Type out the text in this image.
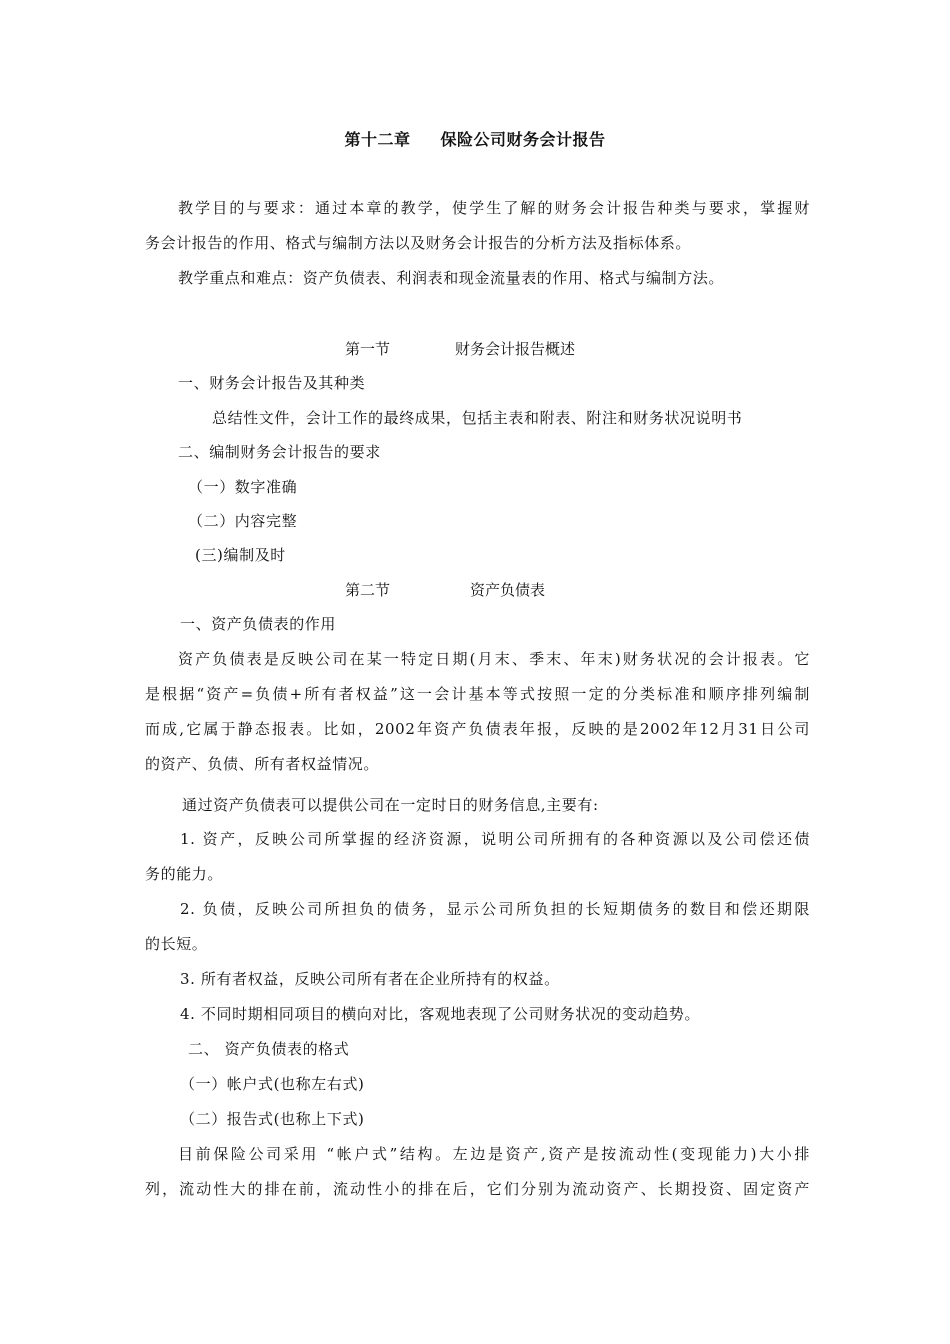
第十二章 保险公司财务会计报告
教学目的与要求：通过本章的教学，使学生了解的财务会计报告种类与要求，掌握财
务会计报告的作用、格式与编制方法以及财务会计报告的分析方法及指标体系。
教学重点和难点：资产负债表、利润表和现金流量表的作用、格式与编制方法。
第一节	财务会计报告概述
一、财务会计报告及其种类
总结性文件，会计工作的最终成果，包括主表和附表、附注和财务状况说明书
二、编制财务会计报告的要求
（一）数字准确
（二）内容完整
(三)编制及时
第二节	资产负债表
一、资产负债表的作用
资产负债表是反映公司在某一特定日期(月末、季末、年末)财务状况的会计报表。它
是根据“资产=负债+所有者权益”这一会计基本等式按照一定的分类标准和顺序排列编制
而成,它属于静态报表。比如，2002年资产负债表年报，反映的是2002年12月31日公司
的资产、负债、所有者权益情况。
通过资产负债表可以提供公司在一定时日的财务信息,主要有:
1. 资产，反映公司所掌握的经济资源，说明公司所拥有的各种资源以及公司偿还债
务的能力。
2. 负债，反映公司所担负的债务，显示公司所负担的长短期债务的数目和偿还期限
的长短。
3. 所有者权益，反映公司所有者在企业所持有的权益。
4. 不同时期相同项目的横向对比，客观地表现了公司财务状况的变动趋势。
二、 资产负债表的格式
（一）帐户式(也称左右式)
（二）报告式(也称上下式)
目前保险公司采用 “帐户式”结构。左边是资产,资产是按流动性(变现能力)大小排
列，流动性大的排在前，流动性小的排在后，它们分别为流动资产、长期投资、固定资产
